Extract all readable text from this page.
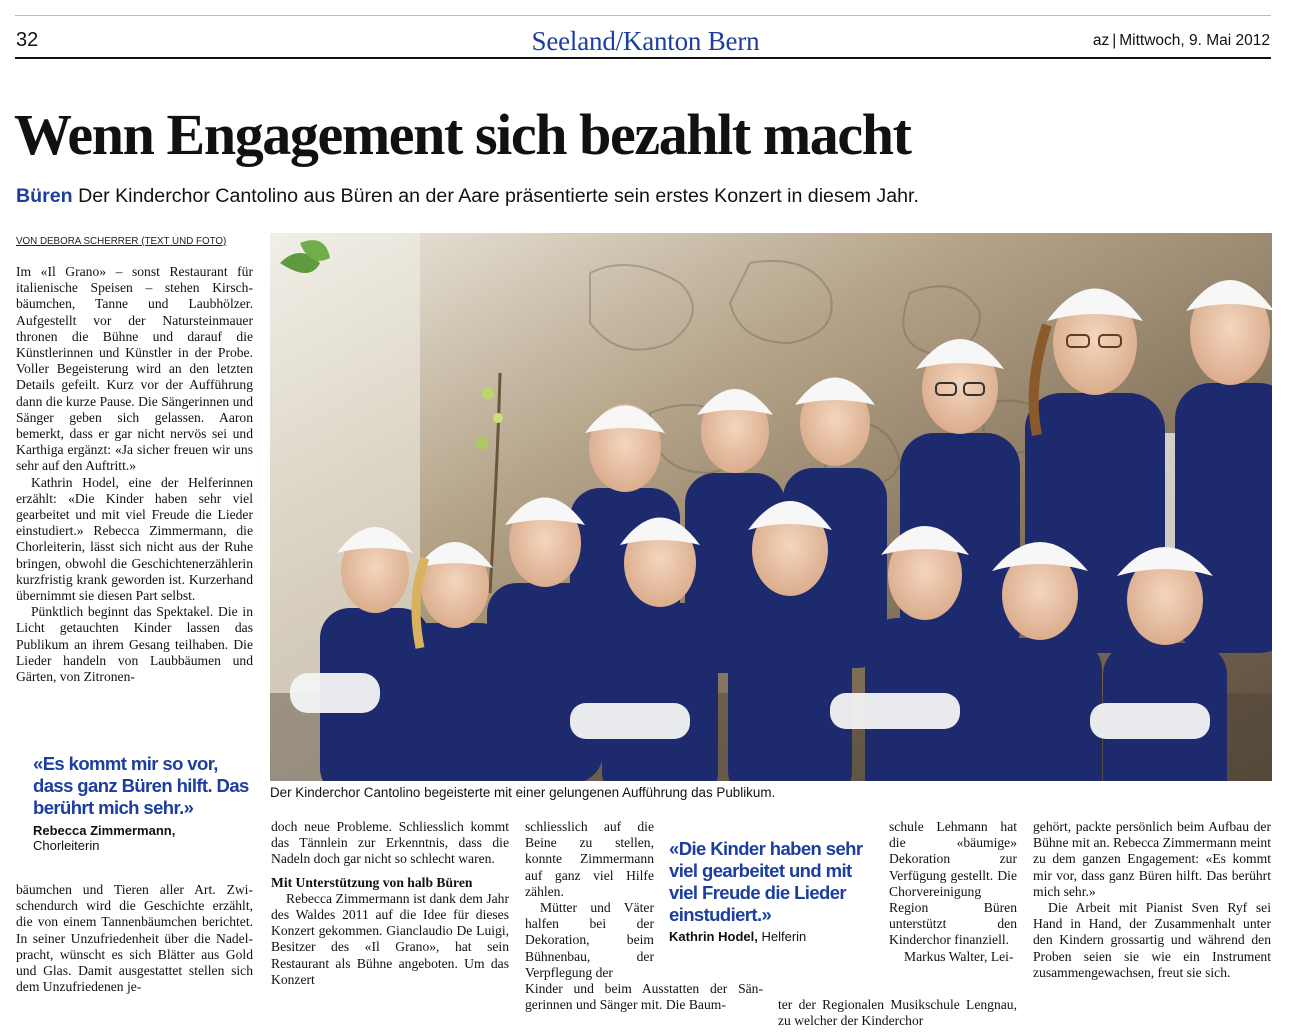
32	Seeland/Kanton Bern	az | Mittwoch, 9. Mai 2012
Wenn Engagement sich bezahlt macht
Büren Der Kinderchor Cantolino aus Büren an der Aare präsentierte sein erstes Konzert in diesem Jahr.
VON DEBORA SCHERRER (TEXT UND FOTO)

Im «Il Grano» – sonst Restaurant für italienische Speisen – stehen Kirschbäumchen, Tanne und Laubhölzer. Aufgestellt vor der Natursteinmauer thronen die Bühne und darauf die Künstlerinnen und Künstler in der Probe. Voller Begeisterung wird an den letzten Details gefeilt. Kurz vor der Aufführung dann die kurze Pause. Die Sängerinnen und Sänger geben sich gelassen. Aaron bemerkt, dass er gar nicht nervös sei und Karthiga ergänzt: «Ja sicher freuen wir uns sehr auf den Auftritt.»

Kathrin Hodel, eine der Helferinnen erzählt: «Die Kinder haben sehr viel gearbeitet und mit viel Freude die Lieder einstudiert.» Rebecca Zimmermann, die Chorleiterin, lässt sich nicht aus der Ruhe bringen, obwohl die Geschichtenerzählerin kurzfristig krank geworden ist. Kurzerhand übernimmt sie diesen Part selbst.

Pünktlich beginnt das Spektakel. Die in Licht getauchten Kinder lassen das Publikum an ihrem Gesang teilhaben. Die Lieder handeln von Laubbäumen und Gärten, von Zitronen-

«Es kommt mir so vor, dass ganz Büren hilft. Das berührt mich sehr.»
Rebecca Zimmermann,
Chorleiterin

bäumchen und Tieren aller Art. Zwischendurch wird die Geschichte erzählt, die von einem Tannenbäumchen berichtet. In seiner Unzufriedenheit über die Nadelpracht, wünscht es sich Blätter aus Gold und Glas. Damit ausgestattet stellen sich dem Unzufriedenen je-

Der Kinderchor Cantolino begeisterte mit einer gelungenen Aufführung das Publikum.

doch neue Probleme. Schliesslich kommt das Tännlein zur Erkenntnis, dass die Nadeln doch gar nicht so schlecht waren.

Mit Unterstützung von halb Büren

Rebecca Zimmermann ist dank dem Jahr des Waldes 2011 auf die Idee für dieses Konzert gekommen. Gianclaudio De Luigi, Besitzer des «Il Grano», hat sein Restaurant als Bühne angeboten. Um das Konzert

schliesslich auf die Beine zu stellen, konnte Zimmermann auf ganz viel Hilfe zählen.

Mütter und Väter halfen bei der Dekoration, beim Bühnenbau, der Verpflegung der

Kinder und beim Ausstatten der Sängerinnen und Sänger mit. Die Baum-

«Die Kinder haben sehr viel gearbeitet und mit viel Freude die Lieder einstudiert.»
Kathrin Hodel, Helferin

schule Lehmann hat die «bäumige» Dekoration zur Verfügung gestellt. Die Chorvereinigung Region Büren unterstützt den Kinderchor finanziell.

Markus Walter, Lei-

ter der Regionalen Musikschule Lengnau, zu welcher der Kinderchor

gehört, packte persönlich beim Aufbau der Bühne mit an. Rebecca Zimmermann meint zu dem ganzen Engagement: «Es kommt mir vor, dass ganz Büren hilft. Das berührt mich sehr.»

Die Arbeit mit Pianist Sven Ryf sei Hand in Hand, der Zusammenhalt unter den Kindern grossartig und während den Proben seien sie wie ein Instrument zusammengewachsen, freut sie sich.
